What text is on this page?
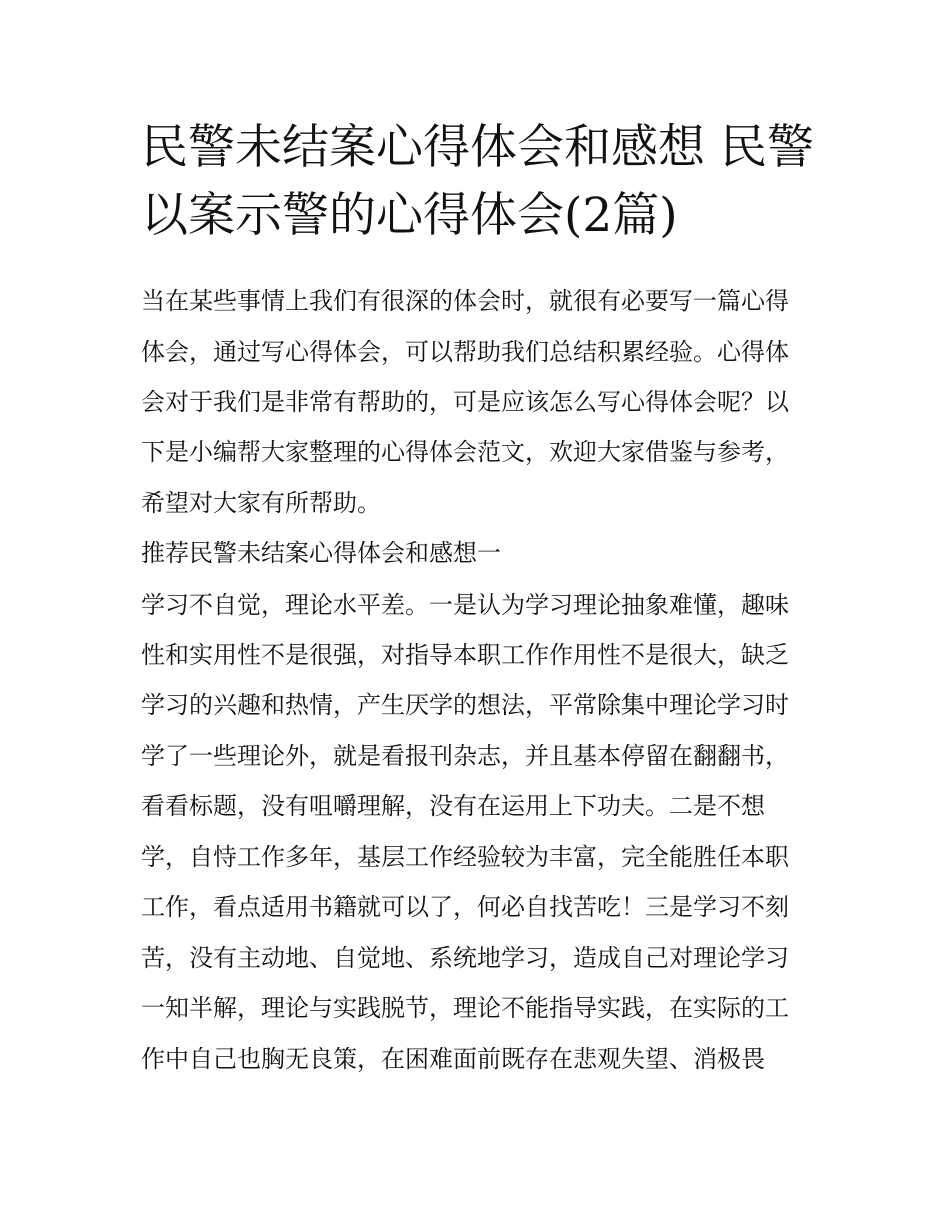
民警未结案心得体会和感想 民警以案示警的心得体会(2篇)

当在某些事情上我们有很深的体会时，就很有必要写一篇心得

体会，通过写心得体会，可以帮助我们总结积累经验。心得体

会对于我们是非常有帮助的，可是应该怎么写心得体会呢？以

下是小编帮大家整理的心得体会范文，欢迎大家借鉴与参考，

希望对大家有所帮助。

推荐民警未结案心得体会和感想一

学习不自觉，理论水平差。一是认为学习理论抽象难懂，趣味

性和实用性不是很强，对指导本职工作作用性不是很大，缺乏

学习的兴趣和热情，产生厌学的想法，平常除集中理论学习时

学了一些理论外，就是看报刊杂志，并且基本停留在翻翻书，

看看标题，没有咀嚼理解，没有在运用上下功夫。二是不想

学，自恃工作多年，基层工作经验较为丰富，完全能胜任本职

工作，看点适用书籍就可以了，何必自找苦吃！三是学习不刻

苦，没有主动地、自觉地、系统地学习，造成自己对理论学习

一知半解，理论与实践脱节，理论不能指导实践，在实际的工

作中自己也胸无良策，在困难面前既存在悲观失望、消极畏
